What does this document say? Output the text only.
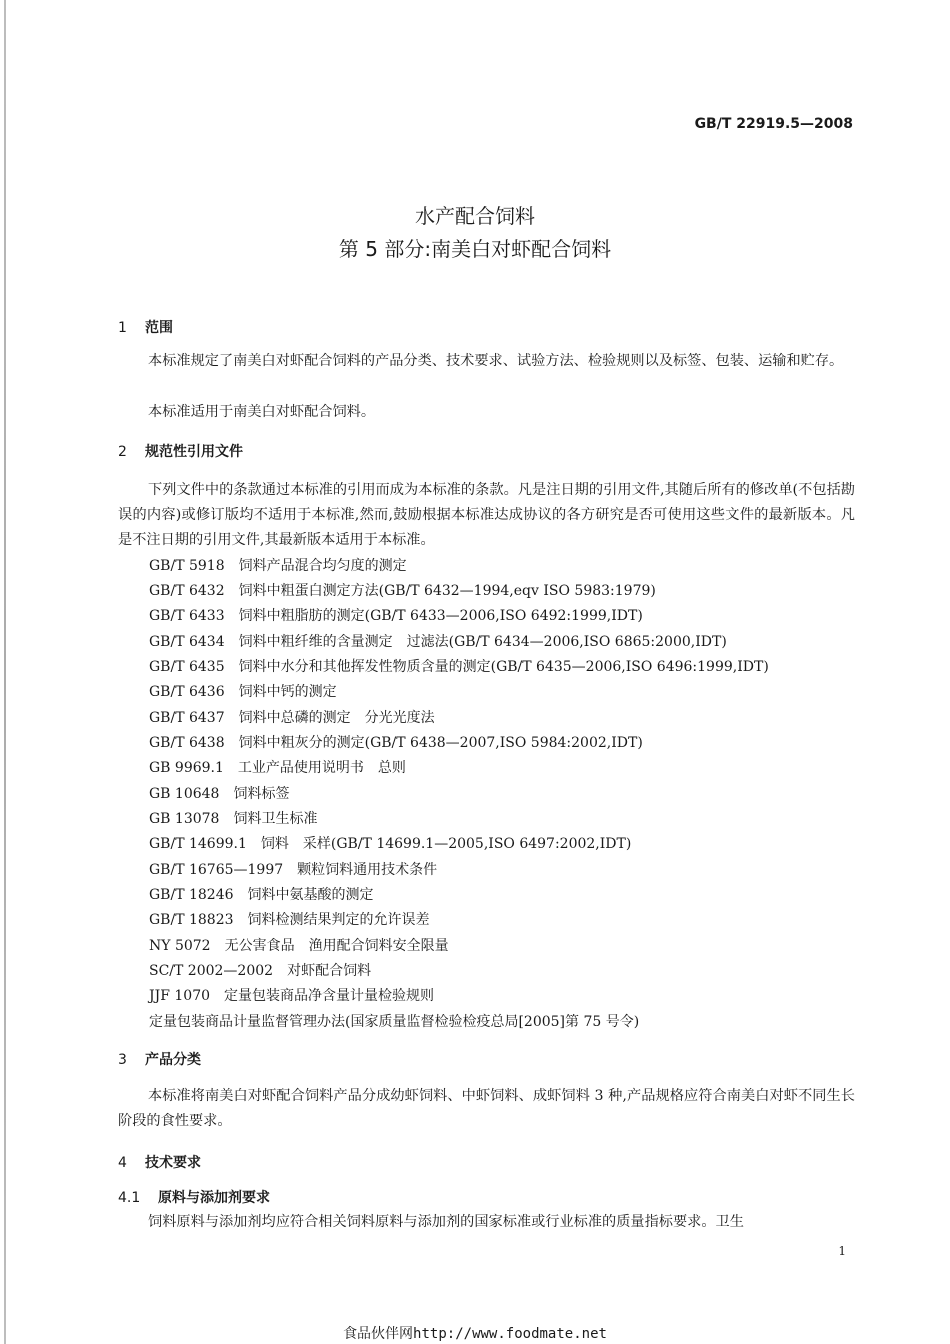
GB/T 22919.5—2008
水产配合饲料
第 5 部分:南美白对虾配合饲料
1 范围
本标准规定了南美白对虾配合饲料的产品分类、技术要求、试验方法、检验规则以及标签、包装、运输和贮存。
本标准适用于南美白对虾配合饲料。
2 规范性引用文件
下列文件中的条款通过本标准的引用而成为本标准的条款。凡是注日期的引用文件,其随后所有的修改单(不包括勘误的内容)或修订版均不适用于本标准,然而,鼓励根据本标准达成协议的各方研究是否可使用这些文件的最新版本。凡是不注日期的引用文件,其最新版本适用于本标准。
GB/T 5918 饲料产品混合均匀度的测定
GB/T 6432 饲料中粗蛋白测定方法(GB/T 6432—1994,eqv ISO 5983:1979)
GB/T 6433 饲料中粗脂肪的测定(GB/T 6433—2006,ISO 6492:1999,IDT)
GB/T 6434 饲料中粗纤维的含量测定　过滤法(GB/T 6434—2006,ISO 6865:2000,IDT)
GB/T 6435 饲料中水分和其他挥发性物质含量的测定(GB/T 6435—2006,ISO 6496:1999,IDT)
GB/T 6436 饲料中钙的测定
GB/T 6437 饲料中总磷的测定　分光光度法
GB/T 6438 饲料中粗灰分的测定(GB/T 6438—2007,ISO 5984:2002,IDT)
GB 9969.1 工业产品使用说明书　总则
GB 10648 饲料标签
GB 13078 饲料卫生标准
GB/T 14699.1 饲料　采样(GB/T 14699.1—2005,ISO 6497:2002,IDT)
GB/T 16765—1997 颗粒饲料通用技术条件
GB/T 18246 饲料中氨基酸的测定
GB/T 18823 饲料检测结果判定的允许误差
NY 5072 无公害食品　渔用配合饲料安全限量
SC/T 2002—2002 对虾配合饲料
JJF 1070 定量包装商品净含量计量检验规则
定量包装商品计量监督管理办法(国家质量监督检验检疫总局[2005]第 75 号令)
3 产品分类
本标准将南美白对虾配合饲料产品分成幼虾饲料、中虾饲料、成虾饲料 3 种,产品规格应符合南美白对虾不同生长阶段的食性要求。
4 技术要求
4.1 原料与添加剂要求
饲料原料与添加剂均应符合相关饲料原料与添加剂的国家标准或行业标准的质量指标要求。卫生
1
食品伙伴网http://www.foodmate.net
